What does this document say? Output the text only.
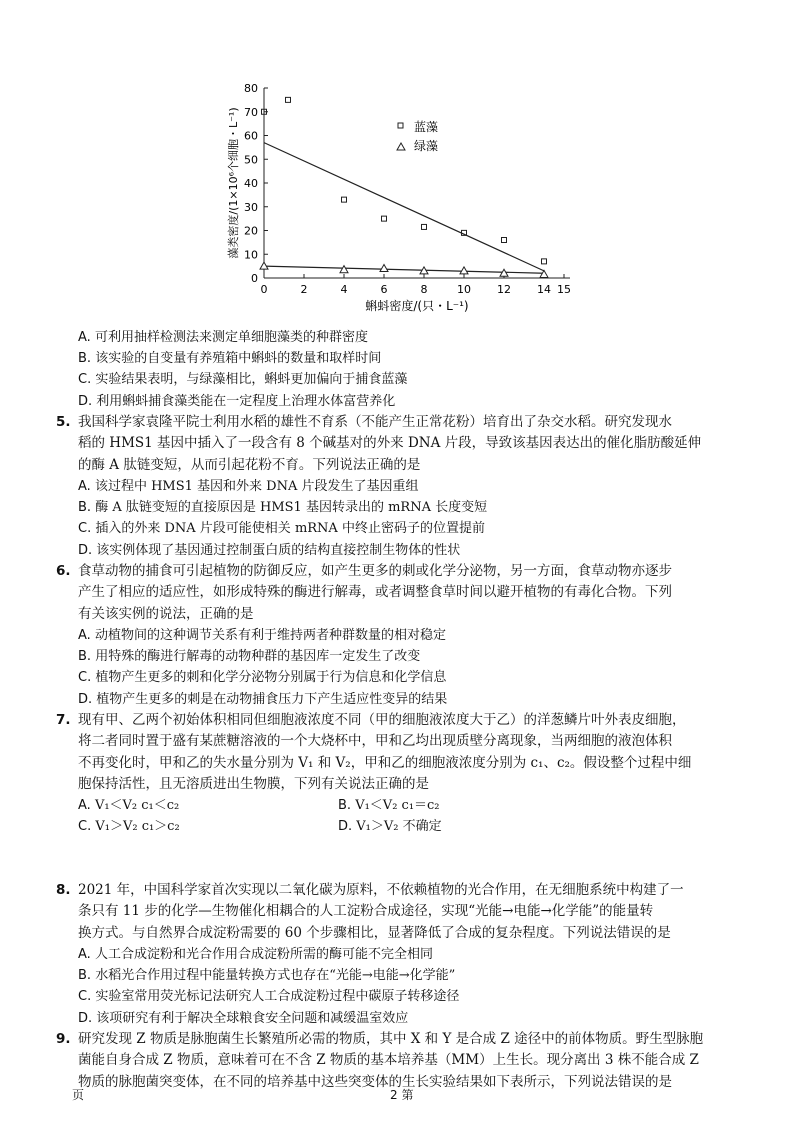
0	2	4	6	8	10 12 14 15
0
10
20
30
40
50
60
70
80
蓝藻
绿藻
藻类密度/(1×10⁶个细胞・L⁻¹)
蝌蚪密度/(只・L⁻¹)

A. 可利用抽样检测法来测定单细胞藻类的种群密度

B. 该实验的自变量有养殖箱中蝌蚪的数量和取样时间

C. 实验结果表明，与绿藻相比，蝌蚪更加偏向于捕食蓝藻

D. 利用蝌蚪捕食藻类能在一定程度上治理水体富营养化

5. 我国科学家袁隆平院士利用水稻的雄性不育系（不能产生正常花粉）培育出了杂交水稻。研究发现水

稻的 HMS1 基因中插入了一段含有 8 个碱基对的外来 DNA 片段，导致该基因表达出的催化脂肪酸延伸

的酶 A 肽链变短，从而引起花粉不育。下列说法正确的是

A. 该过程中 HMS1 基因和外来 DNA 片段发生了基因重组

B. 酶 A 肽链变短的直接原因是 HMS1 基因转录出的 mRNA 长度变短

C. 插入的外来 DNA 片段可能使相关 mRNA 中终止密码子的位置提前

D. 该实例体现了基因通过控制蛋白质的结构直接控制生物体的性状

6. 食草动物的捕食可引起植物的防御反应，如产生更多的刺或化学分泌物，另一方面，食草动物亦逐步

产生了相应的适应性，如形成特殊的酶进行解毒，或者调整食草时间以避开植物的有毒化合物。下列

有关该实例的说法，正确的是

A. 动植物间的这种调节关系有利于维持两者种群数量的相对稳定

B. 用特殊的酶进行解毒的动物种群的基因库一定发生了改变

C. 植物产生更多的刺和化学分泌物分别属于行为信息和化学信息

D. 植物产生更多的刺是在动物捕食压力下产生适应性变异的结果

7. 现有甲、乙两个初始体积相同但细胞液浓度不同（甲的细胞液浓度大于乙）的洋葱鳞片叶外表皮细胞，

将二者同时置于盛有某蔗糖溶液的一个大烧杯中，甲和乙均出现质壁分离现象，当两细胞的液泡体积

不再变化时，甲和乙的失水量分别为 V₁ 和 V₂，甲和乙的细胞液浓度分别为 c₁、c₂。假设整个过程中细

胞保持活性，且无溶质进出生物膜，下列有关说法正确的是

A. V₁＜V₂ c₁＜c₂	B. V₁＜V₂ c₁＝c₂

C. V₁＞V₂ c₁＞c₂	D. V₁＞V₂ 不确定

8. 2021 年，中国科学家首次实现以二氧化碳为原料，不依赖植物的光合作用，在无细胞系统中构建了一

条只有 11 步的化学—生物催化相耦合的人工淀粉合成途径，实现“光能→电能→化学能”的能量转

换方式。与自然界合成淀粉需要的 60 个步骤相比，显著降低了合成的复杂程度。下列说法错误的是

A. 人工合成淀粉和光合作用合成淀粉所需的酶可能不完全相同

B. 水稻光合作用过程中能量转换方式也存在“光能→电能→化学能”

C. 实验室常用荧光标记法研究人工合成淀粉过程中碳原子转移途径

D. 该项研究有利于解决全球粮食安全问题和减缓温室效应

9. 研究发现 Z 物质是脉胞菌生长繁殖所必需的物质，其中 X 和 Y 是合成 Z 途径中的前体物质。野生型脉胞

菌能自身合成 Z 物质，意味着可在不含 Z 物质的基本培养基（MM）上生长。现分离出 3 株不能合成 Z

物质的脉胞菌突变体，在不同的培养基中这些突变体的生长实验结果如下表所示，下列说法错误的是

页	2 第
